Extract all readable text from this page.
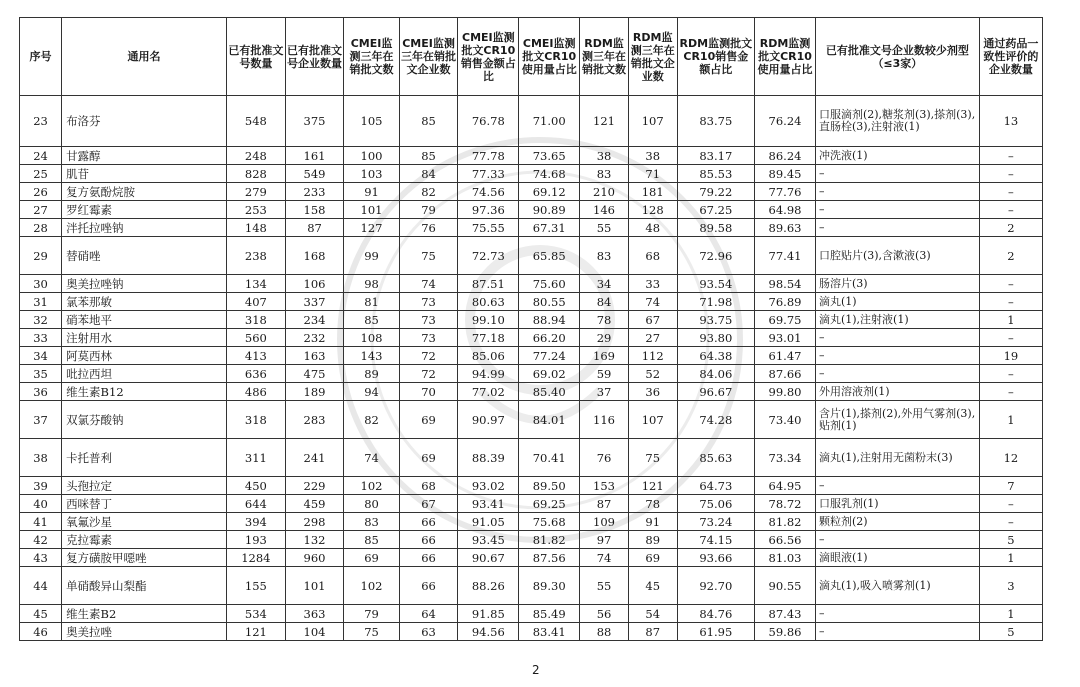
序号	通用名	已有批准文号数量	已有批准文号企业数量	CMEI监测三年在销批文数	CMEI监测三年在销批文企业数	CMEI监测批文CR10销售金额占比	CMEI监测批文CR10使用量占比	RDM监测三年在销批文数	RDM监测三年在销批文企业数	RDM监测批文CR10销售金额占比	RDM监测批文CR10使用量占比	已有批准文号企业数较少剂型（≤3家）	通过药品一致性评价的企业数量
23	布洛芬	548	375	105	85	76.78	71.00	121	107	83.75	76.24	口服滴剂(2),糖浆剂(3),搽剂(3),直肠栓(3),注射液(1)	13
24	甘露醇	248	161	100	85	77.78	73.65	38	38	83.17	86.24	冲洗液(1)	–
25	肌苷	828	549	103	84	77.33	74.68	83	71	85.53	89.45	–	–
26	复方氨酚烷胺	279	233	91	82	74.56	69.12	210	181	79.22	77.76	–	–
27	罗红霉素	253	158	101	79	97.36	90.89	146	128	67.25	64.98	–	–
28	泮托拉唑钠	148	87	127	76	75.55	67.31	55	48	89.58	89.63	–	2
29	替硝唑	238	168	99	75	72.73	65.85	83	68	72.96	77.41	口腔贴片(3),含漱液(3)	2
30	奥美拉唑钠	134	106	98	74	87.51	75.60	34	33	93.54	98.54	肠溶片(3)	–
31	氯苯那敏	407	337	81	73	80.63	80.55	84	74	71.98	76.89	滴丸(1)	–
32	硝苯地平	318	234	85	73	99.10	88.94	78	67	93.75	69.75	滴丸(1),注射液(1)	1
33	注射用水	560	232	108	73	77.18	66.20	29	27	93.80	93.01	–	–
34	阿莫西林	413	163	143	72	85.06	77.24	169	112	64.38	61.47	–	19
35	吡拉西坦	636	475	89	72	94.99	69.02	59	52	84.06	87.66	–	–
36	维生素B12	486	189	94	70	77.02	85.40	37	36	96.67	99.80	外用溶液剂(1)	–
37	双氯芬酸钠	318	283	82	69	90.97	84.01	116	107	74.28	73.40	含片(1),搽剂(2),外用气雾剂(3),贴剂(1)	1
38	卡托普利	311	241	74	69	88.39	70.41	76	75	85.63	73.34	滴丸(1),注射用无菌粉末(3)	12
39	头孢拉定	450	229	102	68	93.02	89.50	153	121	64.73	64.95	–	7
40	西咪替丁	644	459	80	67	93.41	69.25	87	78	75.06	78.72	口服乳剂(1)	–
41	氧氟沙星	394	298	83	66	91.05	75.68	109	91	73.24	81.82	颗粒剂(2)	–
42	克拉霉素	193	132	85	66	93.45	81.82	97	89	74.15	66.56	–	5
43	复方磺胺甲噁唑	1284	960	69	66	90.67	87.56	74	69	93.66	81.03	滴眼液(1)	1
44	单硝酸异山梨酯	155	101	102	66	88.26	89.30	55	45	92.70	90.55	滴丸(1),吸入喷雾剂(1)	3
45	维生素B2	534	363	79	64	91.85	85.49	56	54	84.76	87.43	–	1
46	奥美拉唑	121	104	75	63	94.56	83.41	88	87	61.95	59.86	–	5
2
